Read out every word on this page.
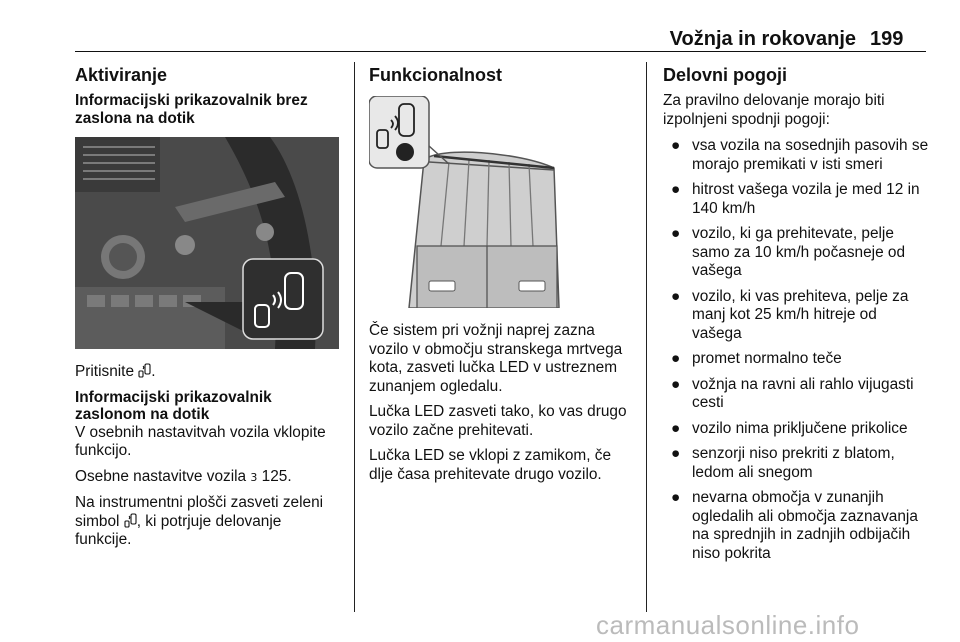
Vožnja in rokovanje 199
Aktiviranje
Informacijski prikazovalnik brez zaslona na dotik

Pritisnite .

Informacijski prikazovalnik zaslonom na dotik

V osebnih nastavitvah vozila vklopite funkcijo.

Osebne nastavitve vozila 3 125.

Na instrumentni plošči zasveti zeleni simbol , ki potrjuje delovanje funkcije.

Funkcionalnost

Če sistem pri vožnji naprej zazna vozilo v območju stranskega mrtvega kota, zasveti lučka LED v ustreznem zunanjem ogledalu.

Lučka LED zasveti tako, ko vas drugo vozilo začne prehitevati.

Lučka LED se vklopi z zamikom, če dlje časa prehitevate drugo vozilo.

Delovni pogoji

Za pravilno delovanje morajo biti izpolnjeni spodnji pogoji:

● vsa vozila na sosednjih pasovih se morajo premikati v isti smeri
● hitrost vašega vozila je med 12 in 140 km/h
● vozilo, ki ga prehitevate, pelje samo za 10 km/h počasneje od vašega
● vozilo, ki vas prehiteva, pelje za manj kot 25 km/h hitreje od vašega
● promet normalno teče
● vožnja na ravni ali rahlo vijugasti cesti
● vozilo nima priključene prikolice
● senzorji niso prekriti z blatom, ledom ali snegom
● nevarna območja v zunanjih ogledalih ali območja zaznavanja na sprednjih in zadnjih odbijačih niso pokrita
carmanualsonline.info
